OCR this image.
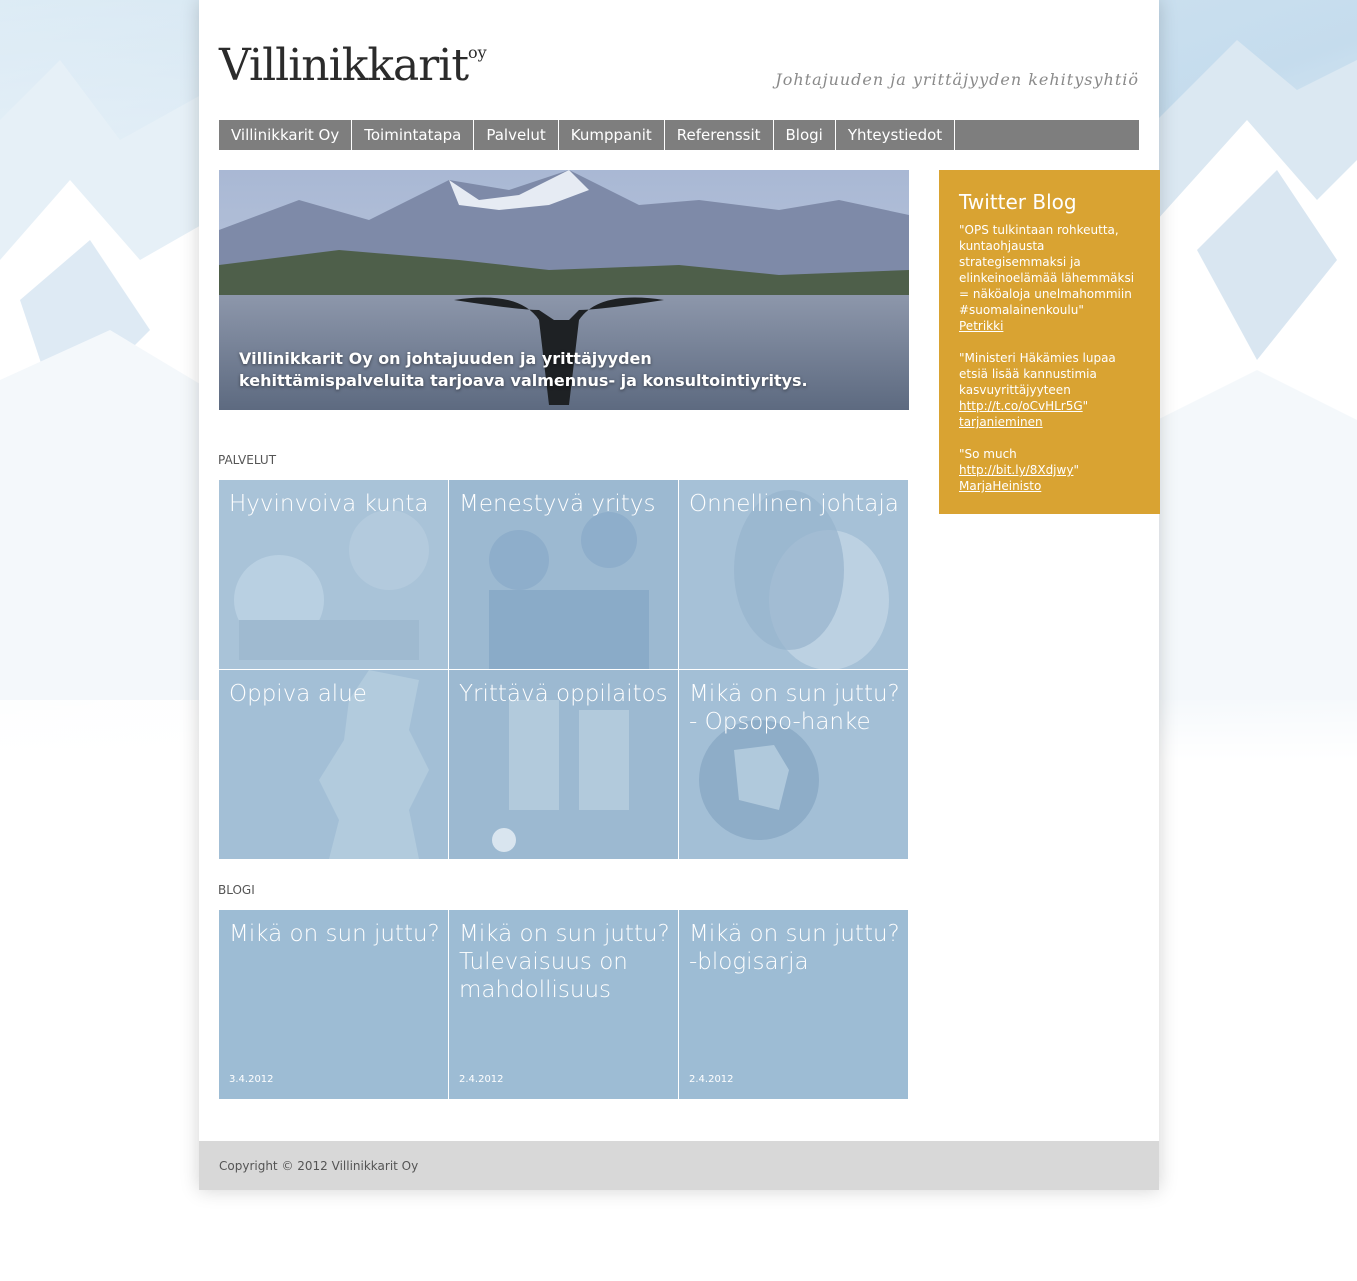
Villinikkarit$^{oy}$
Johtajuuden ja yrittäjyyden kehitysyhtiö
Villinikkarit Oy	Toimintatapa	Palvelut	Kumppanit	Referenssit	Blogi	Yhteystiedot
Villinikkarit Oy on johtajuuden ja yrittäjyyden kehittämispalveluita tarjoava valmennus- ja konsultointiyritys.
PALVELUT
Hyvinvoiva kunta	Menestyvä yritys	Onnellinen johtaja
Oppiva alue	Yrittävä oppilaitos Mikä on sun juttu? - Opsopo-hanke
BLOGI
Mikä on sun juttu?
3.4.2012
Mikä on sun juttu? Tulevaisuus on mahdollisuus
2.4.2012
Mikä on sun juttu? -blogisarja
2.4.2012
Twitter Blog
"OPS tulkintaan rohkeutta, kuntaohjausta strategisemmaksi ja elinkeinoelämää lähemmäksi = näköaloja unelmahommiin #suomalainenkoulu"
Petrikki
"Ministeri Häkämies lupaa etsiä lisää kannustimia kasvuyrittäjyyteen http://t.co/oCvHLr5G"
tarjanieminen
"So much http://bit.ly/8Xdjwy"
MarjaHeinisto
Copyright © 2012 Villinikkarit Oy
